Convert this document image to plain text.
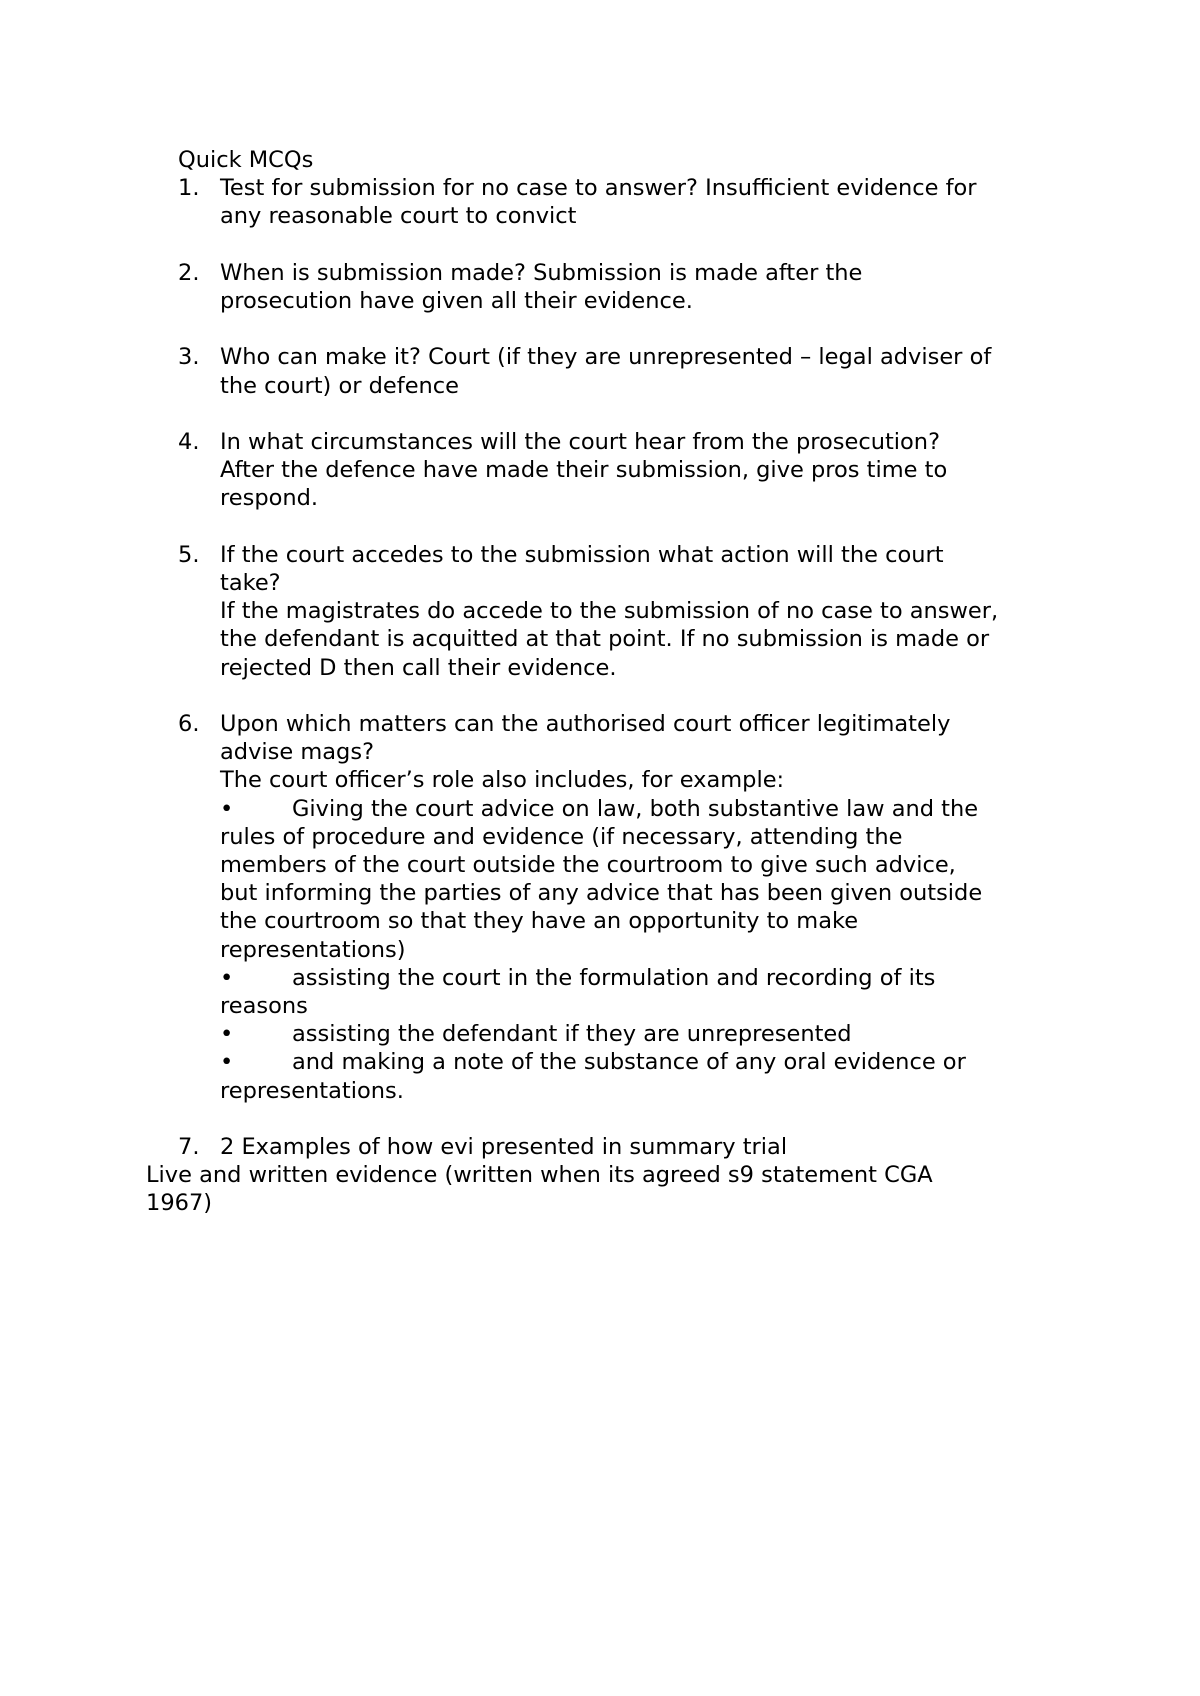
Quick MCQs
1. Test for submission for no case to answer? Insufficient evidence for
any reasonable court to convict
2. When is submission made? Submission is made after the
prosecution have given all their evidence.
3. Who can make it? Court (if they are unrepresented – legal adviser of
the court) or defence
4. In what circumstances will the court hear from the prosecution?
After the defence have made their submission, give pros time to
respond.
5. If the court accedes to the submission what action will the court
take?
If the magistrates do accede to the submission of no case to answer,
the defendant is acquitted at that point. If no submission is made or
rejected D then call their evidence.
6. Upon which matters can the authorised court officer legitimately
advise mags?
The court officer’s role also includes, for example:
•	Giving the court advice on law, both substantive law and the
rules of procedure and evidence (if necessary, attending the
members of the court outside the courtroom to give such advice,
but informing the parties of any advice that has been given outside
the courtroom so that they have an opportunity to make
representations)
•	assisting the court in the formulation and recording of its
reasons
•	assisting the defendant if they are unrepresented
•	and making a note of the substance of any oral evidence or
representations.
7. 2 Examples of how evi presented in summary trial
Live and written evidence (written when its agreed s9 statement CGA
1967)
